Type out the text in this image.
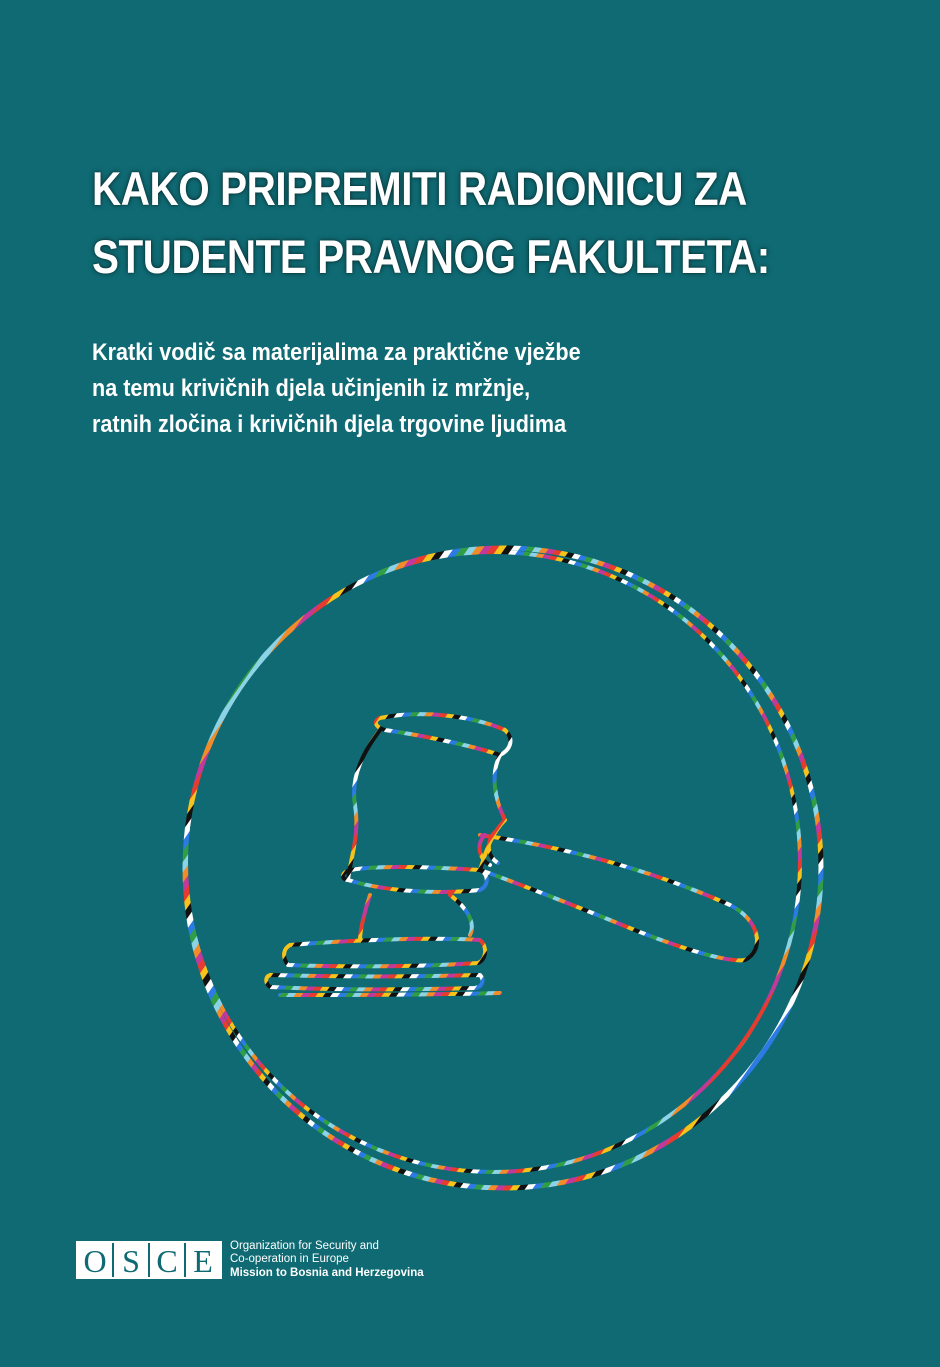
KAKO PRIPREMITI RADIONICU ZA
STUDENTE PRAVNOG FAKULTETA:
Kratki vodič sa materijalima za praktične vježbe
na temu krivičnih djela učinjenih iz mržnje,
ratnih zločina i krivičnih djela trgovine ljudima
O S C E	Organization for Security and
Co-operation in Europe
Mission to Bosnia and Herzegovina
